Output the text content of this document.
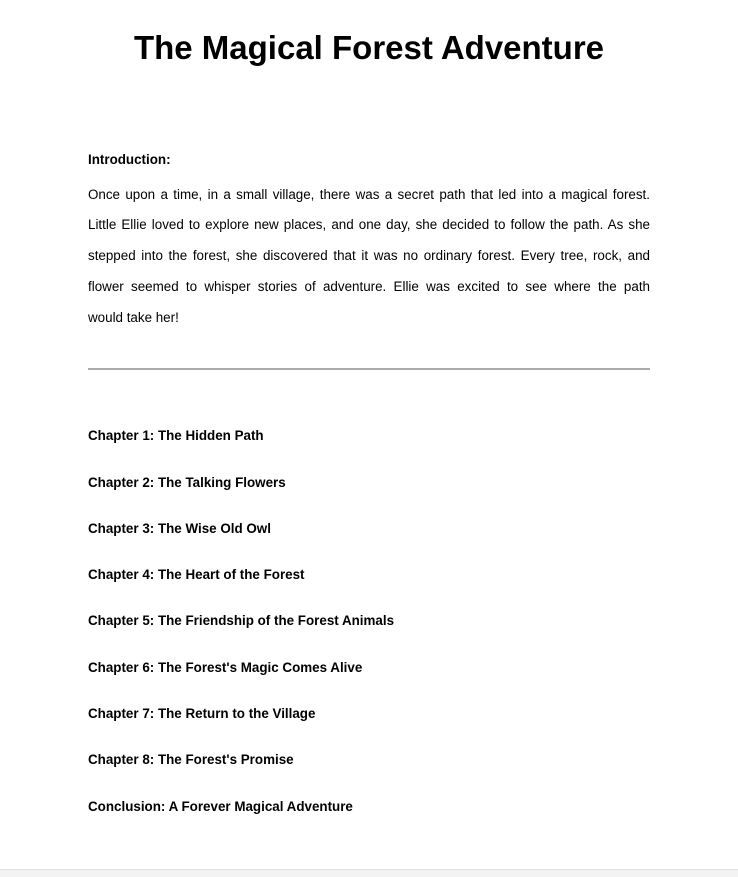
The Magical Forest Adventure
Introduction:
Once upon a time, in a small village, there was a secret path that led into a magical forest.
Little Ellie loved to explore new places, and one day, she decided to follow the path. As she
stepped into the forest, she discovered that it was no ordinary forest. Every tree, rock, and
flower seemed to whisper stories of adventure. Ellie was excited to see where the path
would take her!
Chapter 1: The Hidden Path
Chapter 2: The Talking Flowers
Chapter 3: The Wise Old Owl
Chapter 4: The Heart of the Forest
Chapter 5: The Friendship of the Forest Animals
Chapter 6: The Forest's Magic Comes Alive
Chapter 7: The Return to the Village
Chapter 8: The Forest's Promise
Conclusion: A Forever Magical Adventure
